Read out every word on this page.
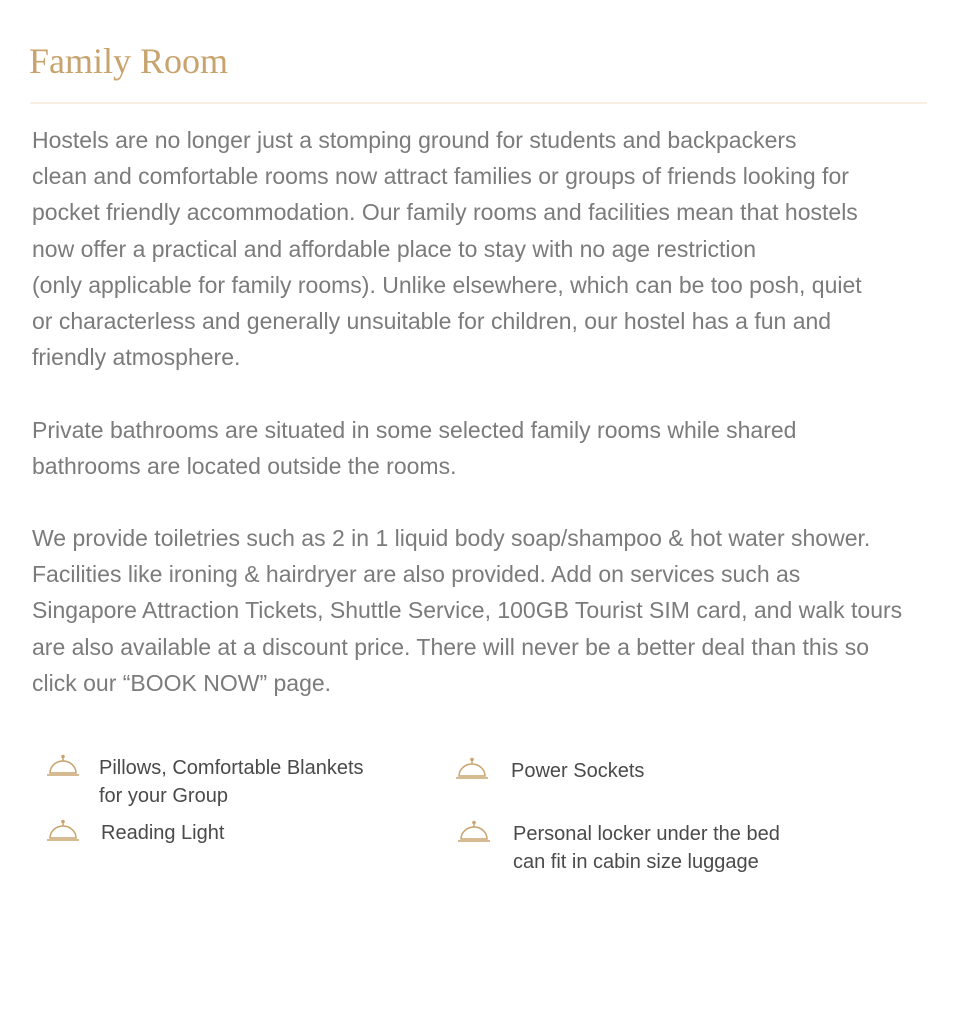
Family Room

Hostels are no longer just a stomping ground for students and backpackers
clean and comfortable rooms now attract families or groups of friends looking for
pocket friendly accommodation. Our family rooms and facilities mean that hostels
now offer a practical and affordable place to stay with no age restriction
(only applicable for family rooms). Unlike elsewhere, which can be too posh, quiet
or characterless and generally unsuitable for children, our hostel has a fun and
friendly atmosphere.

Private bathrooms are situated in some selected family rooms while shared
bathrooms are located outside the rooms.

We provide toiletries such as 2 in 1 liquid body soap/shampoo & hot water shower.
Facilities like ironing & hairdryer are also provided. Add on services such as
Singapore Attraction Tickets, Shuttle Service, 100GB Tourist SIM card, and walk tours
are also available at a discount price. There will never be a better deal than this so
click our “BOOK NOW” page.

Pillows, Comfortable Blankets
for your Group
Reading Light
Power Sockets
Personal locker under the bed
can fit in cabin size luggage
